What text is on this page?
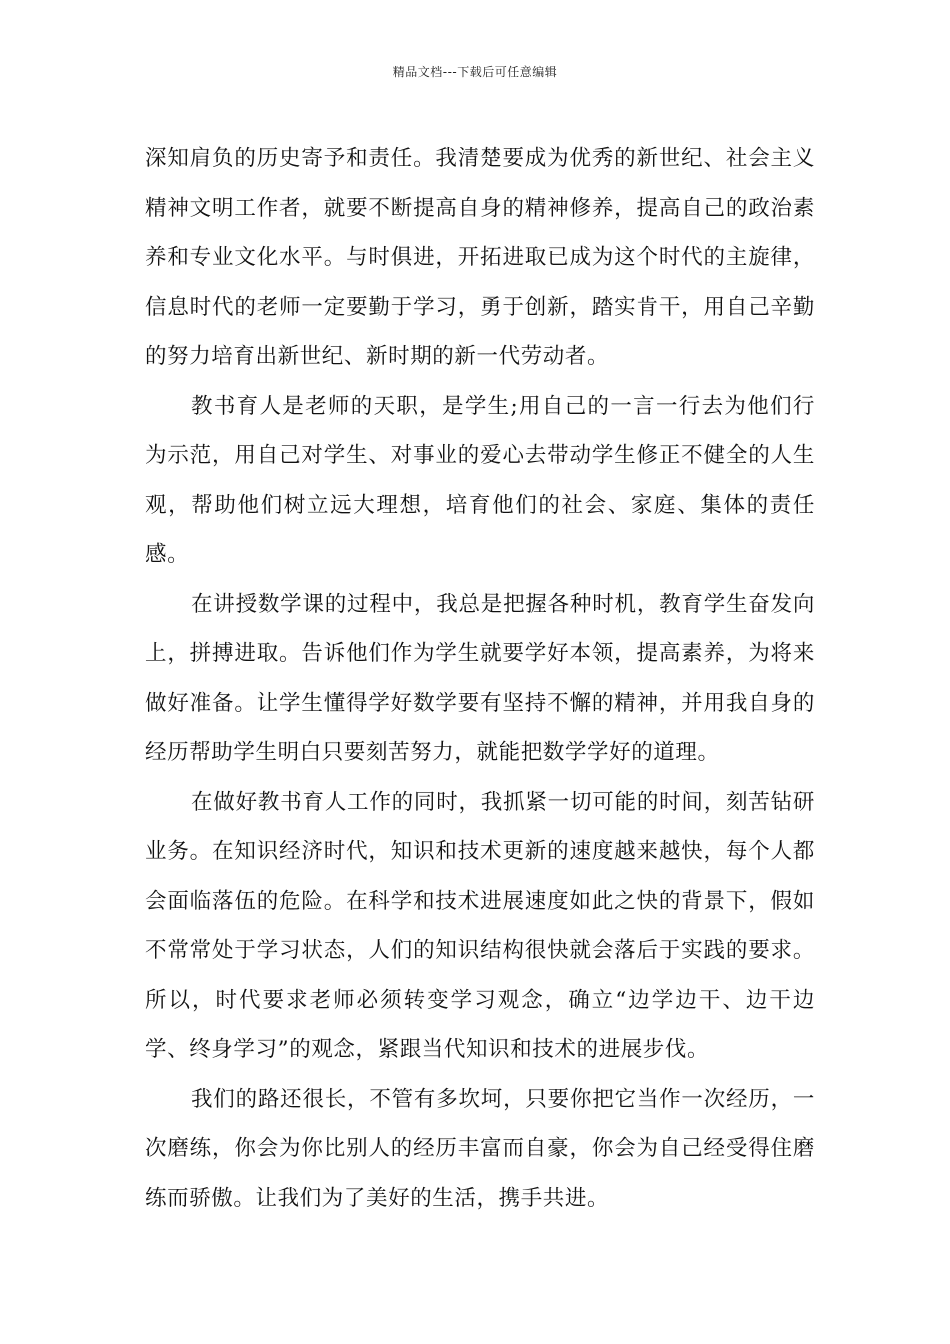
精品文档---下载后可任意编辑

深知肩负的历史寄予和责任。我清楚要成为优秀的新世纪、社会主义精神文明工作者，就要不断提高自身的精神修养，提高自己的政治素养和专业文化水平。与时俱进，开拓进取已成为这个时代的主旋律，信息时代的老师一定要勤于学习，勇于创新，踏实肯干，用自己辛勤的努力培育出新世纪、新时期的新一代劳动者。

教书育人是老师的天职，是学生;用自己的一言一行去为他们行为示范，用自己对学生、对事业的爱心去带动学生修正不健全的人生观，帮助他们树立远大理想，培育他们的社会、家庭、集体的责任感。

在讲授数学课的过程中，我总是把握各种时机，教育学生奋发向上，拼搏进取。告诉他们作为学生就要学好本领，提高素养，为将来做好准备。让学生懂得学好数学要有坚持不懈的精神，并用我自身的经历帮助学生明白只要刻苦努力，就能把数学学好的道理。

在做好教书育人工作的同时，我抓紧一切可能的时间，刻苦钻研业务。在知识经济时代，知识和技术更新的速度越来越快，每个人都会面临落伍的危险。在科学和技术进展速度如此之快的背景下，假如不常常处于学习状态，人们的知识结构很快就会落后于实践的要求。所以，时代要求老师必须转变学习观念，确立“边学边干、边干边学、终身学习”的观念，紧跟当代知识和技术的进展步伐。

我们的路还很长，不管有多坎坷，只要你把它当作一次经历，一次磨练，你会为你比别人的经历丰富而自豪，你会为自己经受得住磨练而骄傲。让我们为了美好的生活，携手共进。
